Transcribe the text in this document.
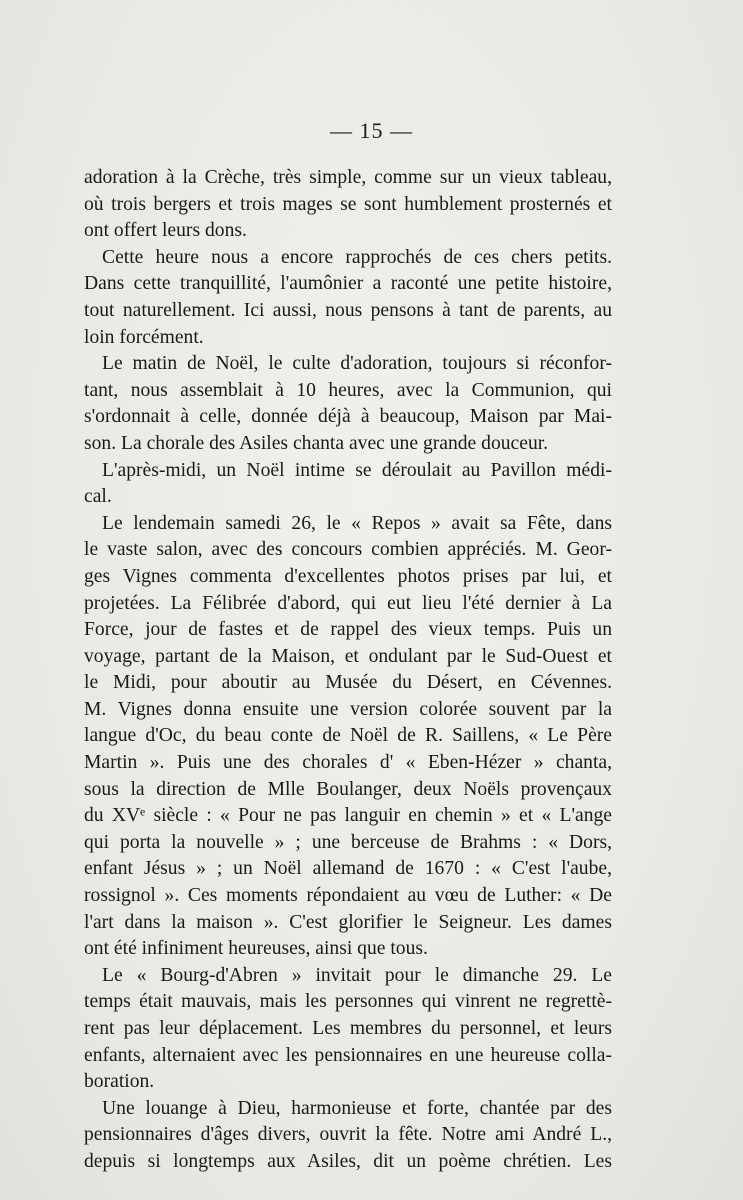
— 15 —
adoration à la Crèche, très simple, comme sur un vieux tableau,
où trois bergers et trois mages se sont humblement prosternés et
ont offert leurs dons.
Cette heure nous a encore rapprochés de ces chers petits.
Dans cette tranquillité, l'aumônier a raconté une petite histoire,
tout naturellement. Ici aussi, nous pensons à tant de parents, au
loin forcément.
Le matin de Noël, le culte d'adoration, toujours si réconfor-
tant, nous assemblait à 10 heures, avec la Communion, qui
s'ordonnait à celle, donnée déjà à beaucoup, Maison par Mai-
son. La chorale des Asiles chanta avec une grande douceur.
L'après-midi, un Noël intime se déroulait au Pavillon médi-
cal.
Le lendemain samedi 26, le « Repos » avait sa Fête, dans
le vaste salon, avec des concours combien appréciés. M. Geor-
ges Vignes commenta d'excellentes photos prises par lui, et
projetées. La Félibrée d'abord, qui eut lieu l'été dernier à La
Force, jour de fastes et de rappel des vieux temps. Puis un
voyage, partant de la Maison, et ondulant par le Sud-Ouest et
le Midi, pour aboutir au Musée du Désert, en Cévennes.
M. Vignes donna ensuite une version colorée souvent par la
langue d'Oc, du beau conte de Noël de R. Saillens, « Le Père
Martin ». Puis une des chorales d' « Eben-Hézer » chanta,
sous la direction de Mlle Boulanger, deux Noëls provençaux
du XVᵉ siècle : « Pour ne pas languir en chemin » et « L'ange
qui porta la nouvelle » ; une berceuse de Brahms : « Dors,
enfant Jésus » ; un Noël allemand de 1670 : « C'est l'aube,
rossignol ». Ces moments répondaient au vœu de Luther: « De
l'art dans la maison ». C'est glorifier le Seigneur. Les dames
ont été infiniment heureuses, ainsi que tous.
Le « Bourg-d'Abren » invitait pour le dimanche 29. Le
temps était mauvais, mais les personnes qui vinrent ne regrettè-
rent pas leur déplacement. Les membres du personnel, et leurs
enfants, alternaient avec les pensionnaires en une heureuse colla-
boration.
Une louange à Dieu, harmonieuse et forte, chantée par des
pensionnaires d'âges divers, ouvrit la fête. Notre ami André L.,
depuis si longtemps aux Asiles, dit un poème chrétien. Les
